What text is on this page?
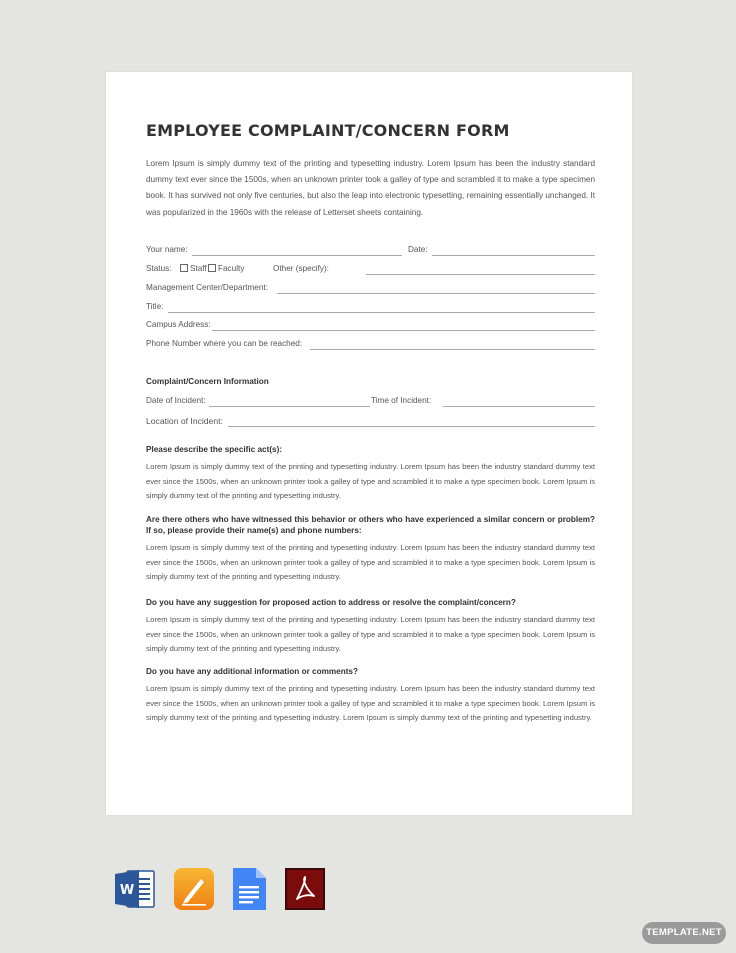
EMPLOYEE COMPLAINT/CONCERN FORM
Lorem Ipsum is simply dummy text of the printing and typesetting industry. Lorem Ipsum has been the industry standard dummy text ever since the 1500s, when an unknown printer took a galley of type and scrambled it to make a type specimen book. It has survived not only five centuries, but also the leap into electronic typesetting, remaining essentially unchanged. It was popularized in the 1960s with the release of Letterset sheets containing.
Your name:	Date:
Status:	Staff	Faculty	Other (specify):
Management Center/Department:
Title:
Campus Address:
Phone Number where you can be reached:
Complaint/Concern Information
Date of Incident:	Time of Incident:
Location of Incident:
Please describe the specific act(s):
Lorem Ipsum is simply dummy text of the printing and typesetting industry. Lorem Ipsum has been the industry standard dummy text ever since the 1500s, when an unknown printer took a galley of type and scrambled it to make a type specimen book. Lorem Ipsum is simply dummy text of the printing and typesetting industry.
Are there others who have witnessed this behavior or others who have experienced a similar concern or problem? If so, please provide their name(s) and phone numbers:
Lorem Ipsum is simply dummy text of the printing and typesetting industry. Lorem Ipsum has been the industry standard dummy text ever since the 1500s, when an unknown printer took a galley of type and scrambled it to make a type specimen book. Lorem Ipsum is simply dummy text of the printing and typesetting industry.
Do you have any suggestion for proposed action to address or resolve the complaint/concern?
Lorem Ipsum is simply dummy text of the printing and typesetting industry. Lorem Ipsum has been the industry standard dummy text ever since the 1500s, when an unknown printer took a galley of type and scrambled it to make a type specimen book. Lorem Ipsum is simply dummy text of the printing and typesetting industry.
Do you have any additional information or comments?
Lorem Ipsum is simply dummy text of the printing and typesetting industry. Lorem Ipsum has been the industry standard dummy text ever since the 1500s, when an unknown printer took a galley of type and scrambled it to make a type specimen book. Lorem Ipsum is simply dummy text of the printing and typesetting industry. Lorem Ipsum is simply dummy text of the printing and typesetting industry.
W
TEMPLATE.NET
